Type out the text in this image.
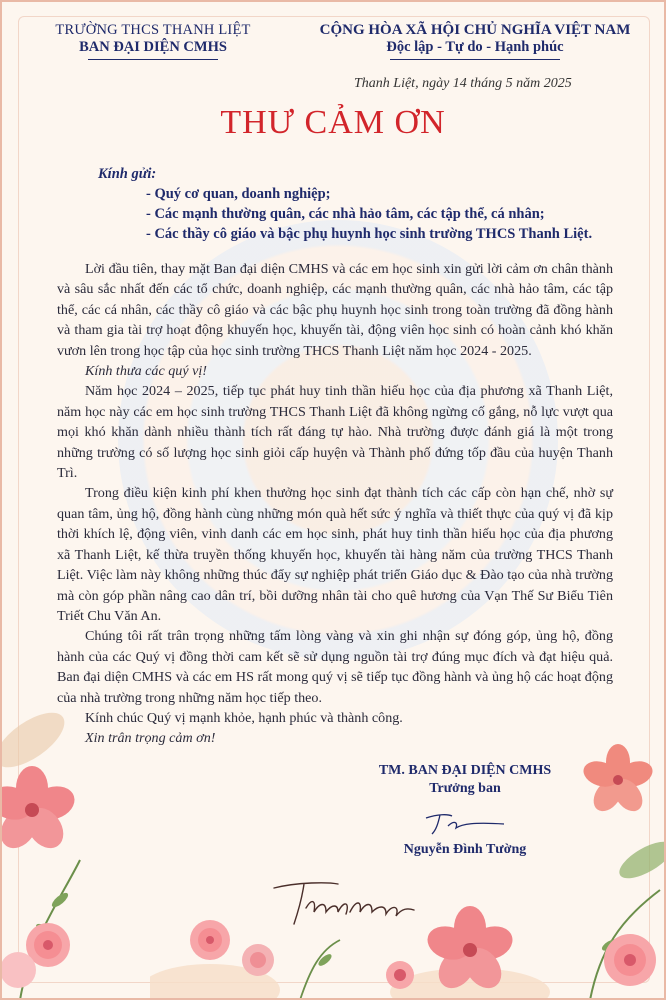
TRƯỜNG THCS THANH LIỆT
BAN ĐẠI DIỆN CMHS
CỘNG HÒA XÃ HỘI CHỦ NGHĨA VIỆT NAM
Độc lập - Tự do - Hạnh phúc
Thanh Liệt, ngày 14 tháng 5 năm 2025
THƯ CẢM ƠN
Kính gửi:
- Quý cơ quan, doanh nghiệp;
- Các mạnh thường quân, các nhà hảo tâm, các tập thể, cá nhân;
- Các thầy cô giáo và bậc phụ huynh học sinh trường THCS Thanh Liệt.

Lời đầu tiên, thay mặt Ban đại diện CMHS và các em học sinh xin gửi lời cảm ơn chân thành và sâu sắc nhất đến các tổ chức, doanh nghiệp, các mạnh thường quân, các nhà hảo tâm, các tập thể, các cá nhân, các thầy cô giáo và các bậc phụ huynh học sinh trong toàn trường đã đồng hành và tham gia tài trợ hoạt động khuyến học, khuyến tài, động viên học sinh có hoàn cảnh khó khăn vươn lên trong học tập của học sinh trường THCS Thanh Liệt năm học 2024 - 2025.

Kính thưa các quý vị!

Năm học 2024 – 2025, tiếp tục phát huy tinh thần hiếu học của địa phương xã Thanh Liệt, năm học này các em học sinh trường THCS Thanh Liệt đã không ngừng cố gắng, nỗ lực vượt qua mọi khó khăn dành nhiều thành tích rất đáng tự hào. Nhà trường được đánh giá là một trong những trường có số lượng học sinh giỏi cấp huyện và Thành phố đứng tốp đầu của huyện Thanh Trì.

Trong điều kiện kinh phí khen thưởng học sinh đạt thành tích các cấp còn hạn chế, nhờ sự quan tâm, ủng hộ, đồng hành cùng những món quà hết sức ý nghĩa và thiết thực của quý vị đã kịp thời khích lệ, động viên, vinh danh các em học sinh, phát huy tinh thần hiếu học của địa phương xã Thanh Liệt, kế thừa truyền thống khuyến học, khuyến tài hàng năm của trường THCS Thanh Liệt. Việc làm này không những thúc đẩy sự nghiệp phát triển Giáo dục & Đào tạo của nhà trường mà còn góp phần nâng cao dân trí, bồi dưỡng nhân tài cho quê hương của Vạn Thế Sư Biểu Tiên Triết Chu Văn An.

Chúng tôi rất trân trọng những tấm lòng vàng và xin ghi nhận sự đóng góp, ủng hộ, đồng hành của các Quý vị đồng thời cam kết sẽ sử dụng nguồn tài trợ đúng mục đích và đạt hiệu quả. Ban đại diện CMHS và các em HS rất mong quý vị sẽ tiếp tục đồng hành và ủng hộ các hoạt động của nhà trường trong những năm học tiếp theo.

Kính chúc Quý vị mạnh khỏe, hạnh phúc và thành công.

Xin trân trọng cảm ơn!

TM. BAN ĐẠI DIỆN CMHS
Trưởng ban
Nguyễn Đình Tường
